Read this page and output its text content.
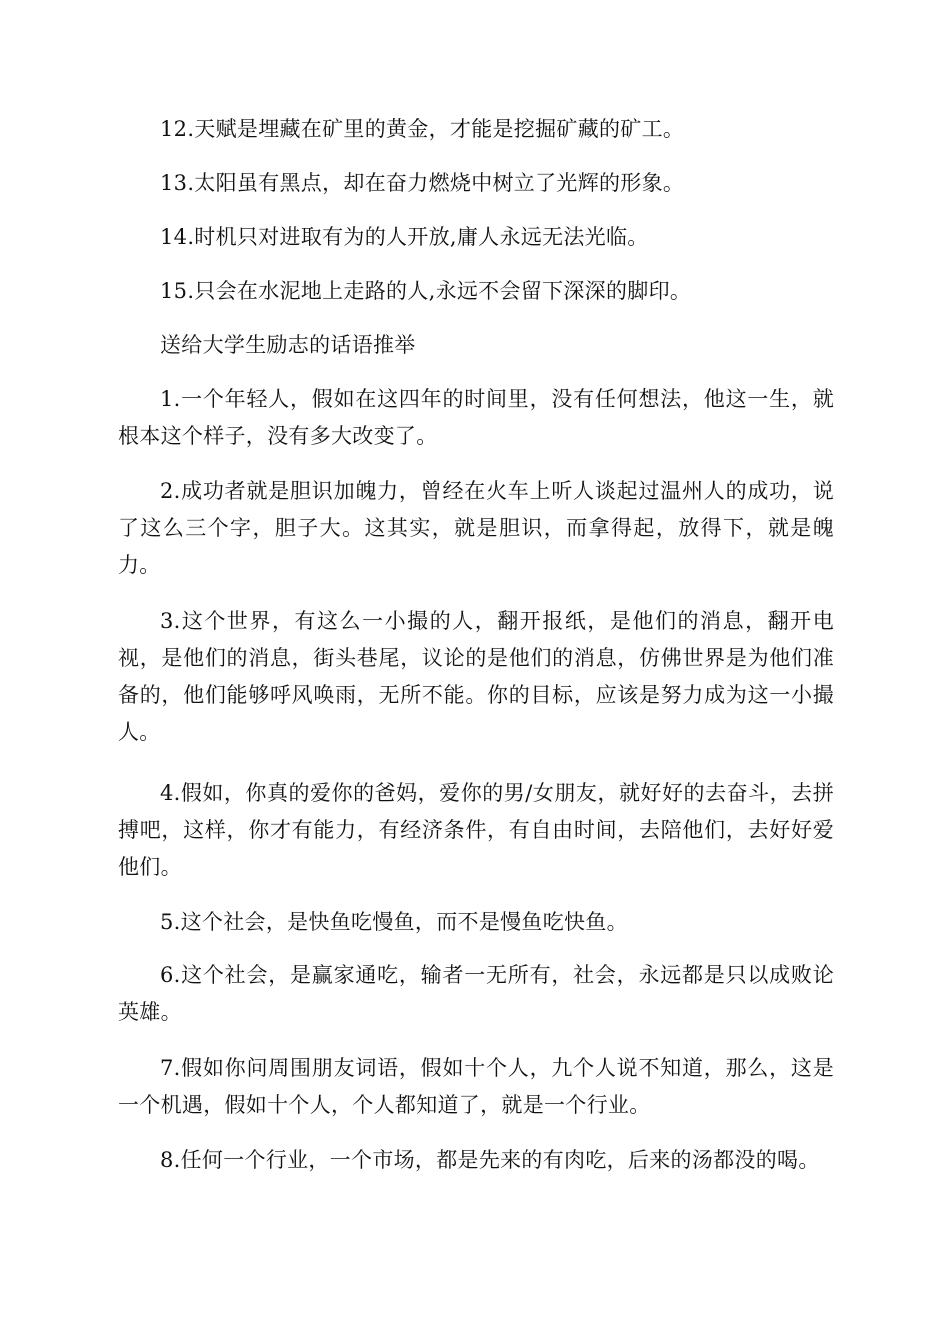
12.天赋是埋藏在矿里的黄金，才能是挖掘矿藏的矿工。

13.太阳虽有黑点，却在奋力燃烧中树立了光辉的形象。

14.时机只对进取有为的人开放,庸人永远无法光临。

15.只会在水泥地上走路的人,永远不会留下深深的脚印。

送给大学生励志的话语推举

1.一个年轻人，假如在这四年的时间里，没有任何想法，他这一生，就根本这个样子，没有多大改变了。

2.成功者就是胆识加魄力，曾经在火车上听人谈起过温州人的成功，说了这么三个字，胆子大。这其实，就是胆识，而拿得起，放得下，就是魄力。

3.这个世界，有这么一小撮的人，翻开报纸，是他们的消息，翻开电视，是他们的消息，街头巷尾，议论的是他们的消息，仿佛世界是为他们准备的，他们能够呼风唤雨，无所不能。你的目标，应该是努力成为这一小撮人。

4.假如，你真的爱你的爸妈，爱你的男/女朋友，就好好的去奋斗，去拼搏吧，这样，你才有能力，有经济条件，有自由时间，去陪他们，去好好爱他们。

5.这个社会，是快鱼吃慢鱼，而不是慢鱼吃快鱼。

6.这个社会，是赢家通吃，输者一无所有，社会，永远都是只以成败论英雄。

7.假如你问周围朋友词语，假如十个人，九个人说不知道，那么，这是一个机遇，假如十个人，个人都知道了，就是一个行业。

8.任何一个行业，一个市场，都是先来的有肉吃，后来的汤都没的喝。
